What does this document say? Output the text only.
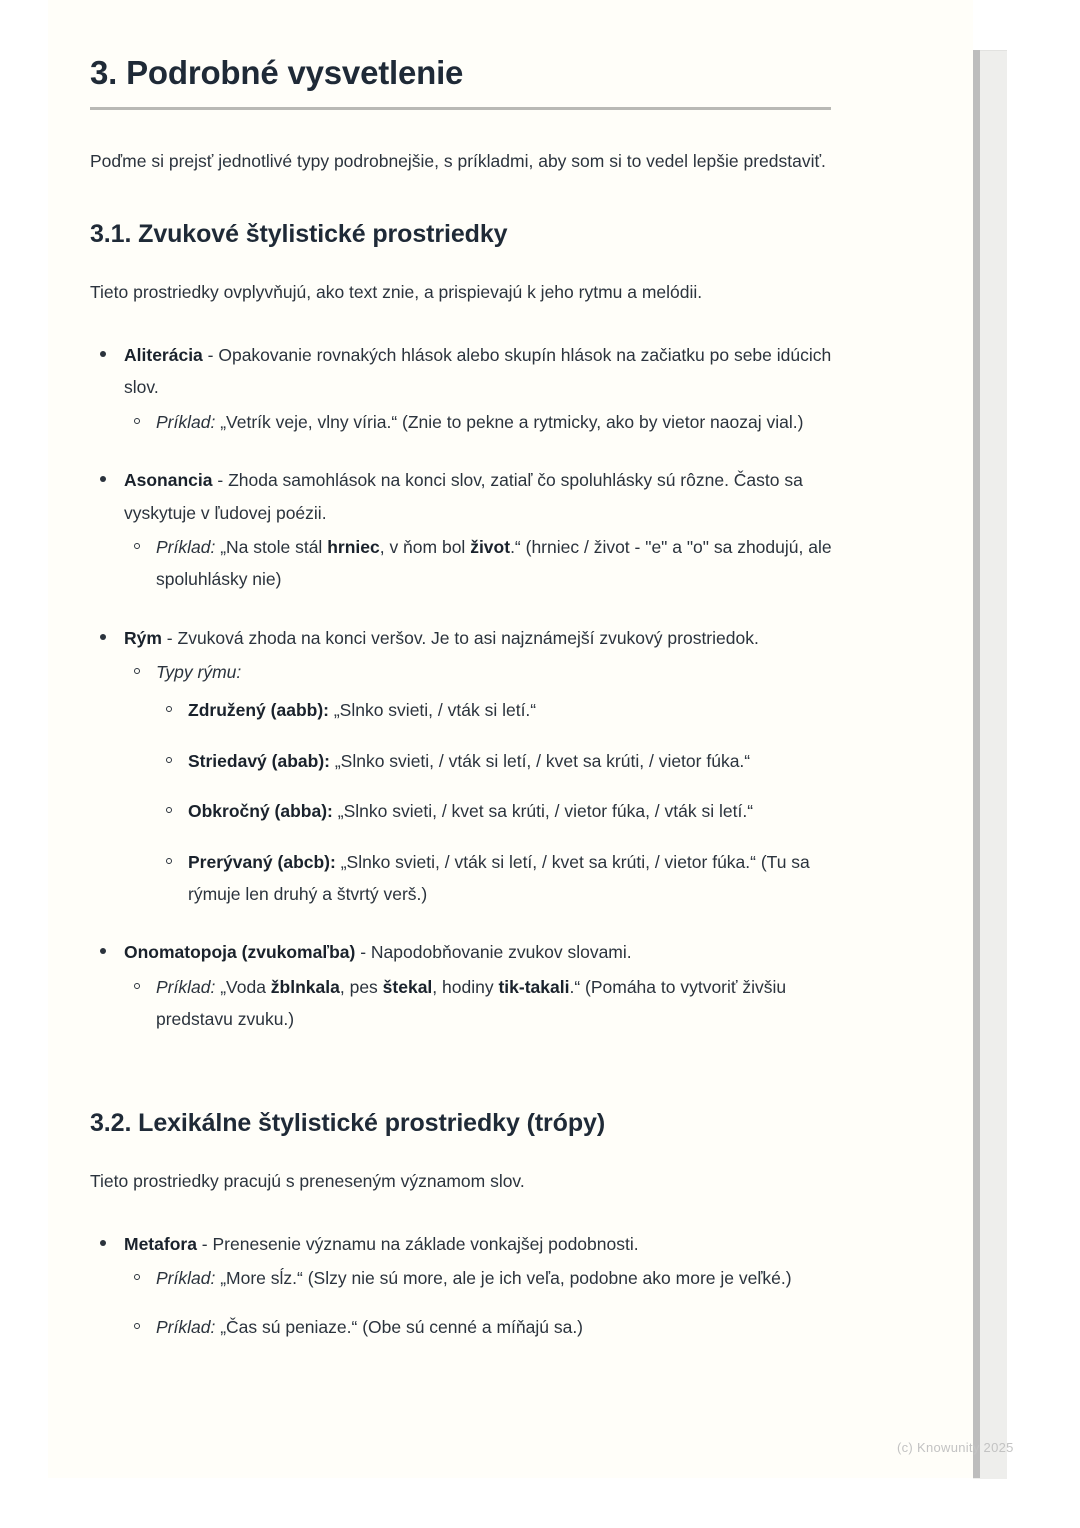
3. Podrobné vysvetlenie

Poďme si prejsť jednotlivé typy podrobnejšie, s príkladmi, aby som si to vedel lepšie predstaviť.

3.1. Zvukové štylistické prostriedky

Tieto prostriedky ovplyvňujú, ako text znie, a prispievajú k jeho rytmu a melódii.

Aliterácia - Opakovanie rovnakých hlások alebo skupín hlások na začiatku po sebe idúcich slov.
Príklad: „Vetrík veje, vlny víria.“ (Znie to pekne a rytmicky, ako by vietor naozaj vial.)
Asonancia - Zhoda samohlások na konci slov, zatiaľ čo spoluhlásky sú rôzne. Často sa vyskytuje v ľudovej poézii.
Príklad: „Na stole stál hrniec, v ňom bol život.“ (hrniec / život - "e" a "o" sa zhodujú, ale spoluhlásky nie)
Rým - Zvuková zhoda na konci veršov. Je to asi najznámejší zvukový prostriedok.
Typy rýmu:
Združený (aabb): „Slnko svieti, / vták si letí.“
Striedavý (abab): „Slnko svieti, / vták si letí, / kvet sa krúti, / vietor fúka.“
Obkročný (abba): „Slnko svieti, / kvet sa krúti, / vietor fúka, / vták si letí.“
Prerývaný (abcb): „Slnko svieti, / vták si letí, / kvet sa krúti, / vietor fúka.“ (Tu sa rýmuje len druhý a štvrtý verš.)
Onomatopoja (zvukomaľba) - Napodobňovanie zvukov slovami.
Príklad: „Voda žblnkala, pes štekal, hodiny tik-takali.“ (Pomáha to vytvoriť živšiu predstavu zvuku.)
3.2. Lexikálne štylistické prostriedky (trópy)

Tieto prostriedky pracujú s preneseným významom slov.

Metafora - Prenesenie významu na základe vonkajšej podobnosti.
Príklad: „More sĺz.“ (Slzy nie sú more, ale je ich veľa, podobne ako more je veľké.)
Príklad: „Čas sú peniaze.“ (Obe sú cenné a míňajú sa.)
(c) Knowunity 2025
